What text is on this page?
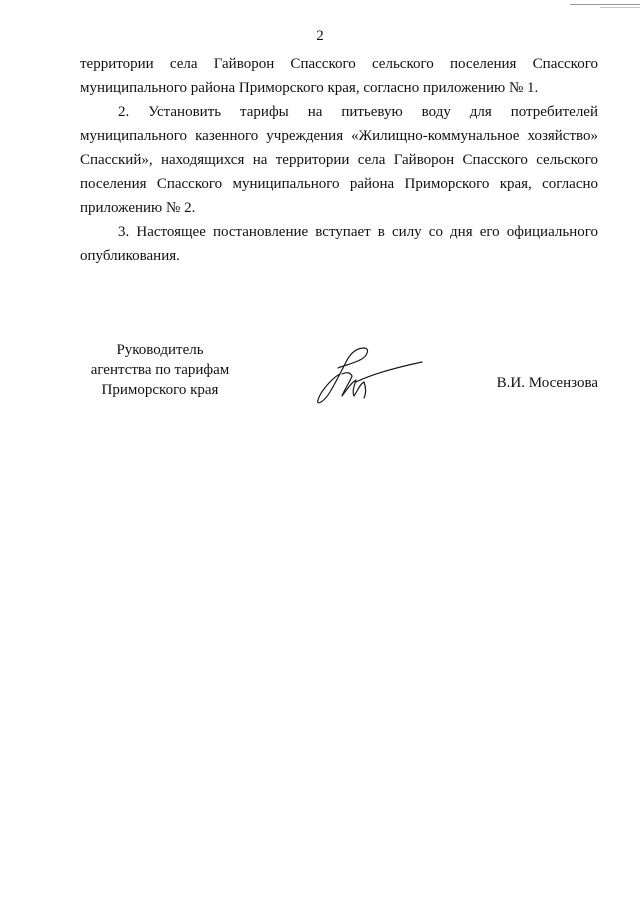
2

территории села Гайворон Спасского сельского поселения Спасского муниципального района Приморского края, согласно приложению № 1.

2. Установить тарифы на питьевую воду для потребителей муниципального казенного учреждения «Жилищно-коммунальное хозяйство» Спасский», находящихся на территории села Гайворон Спасского сельского поселения Спасского муниципального района Приморского края, согласно приложению № 2.

3. Настоящее постановление вступает в силу со дня его официального опубликования.

Руководитель
агентства по тарифам
Приморского края	В.И. Мосензова
